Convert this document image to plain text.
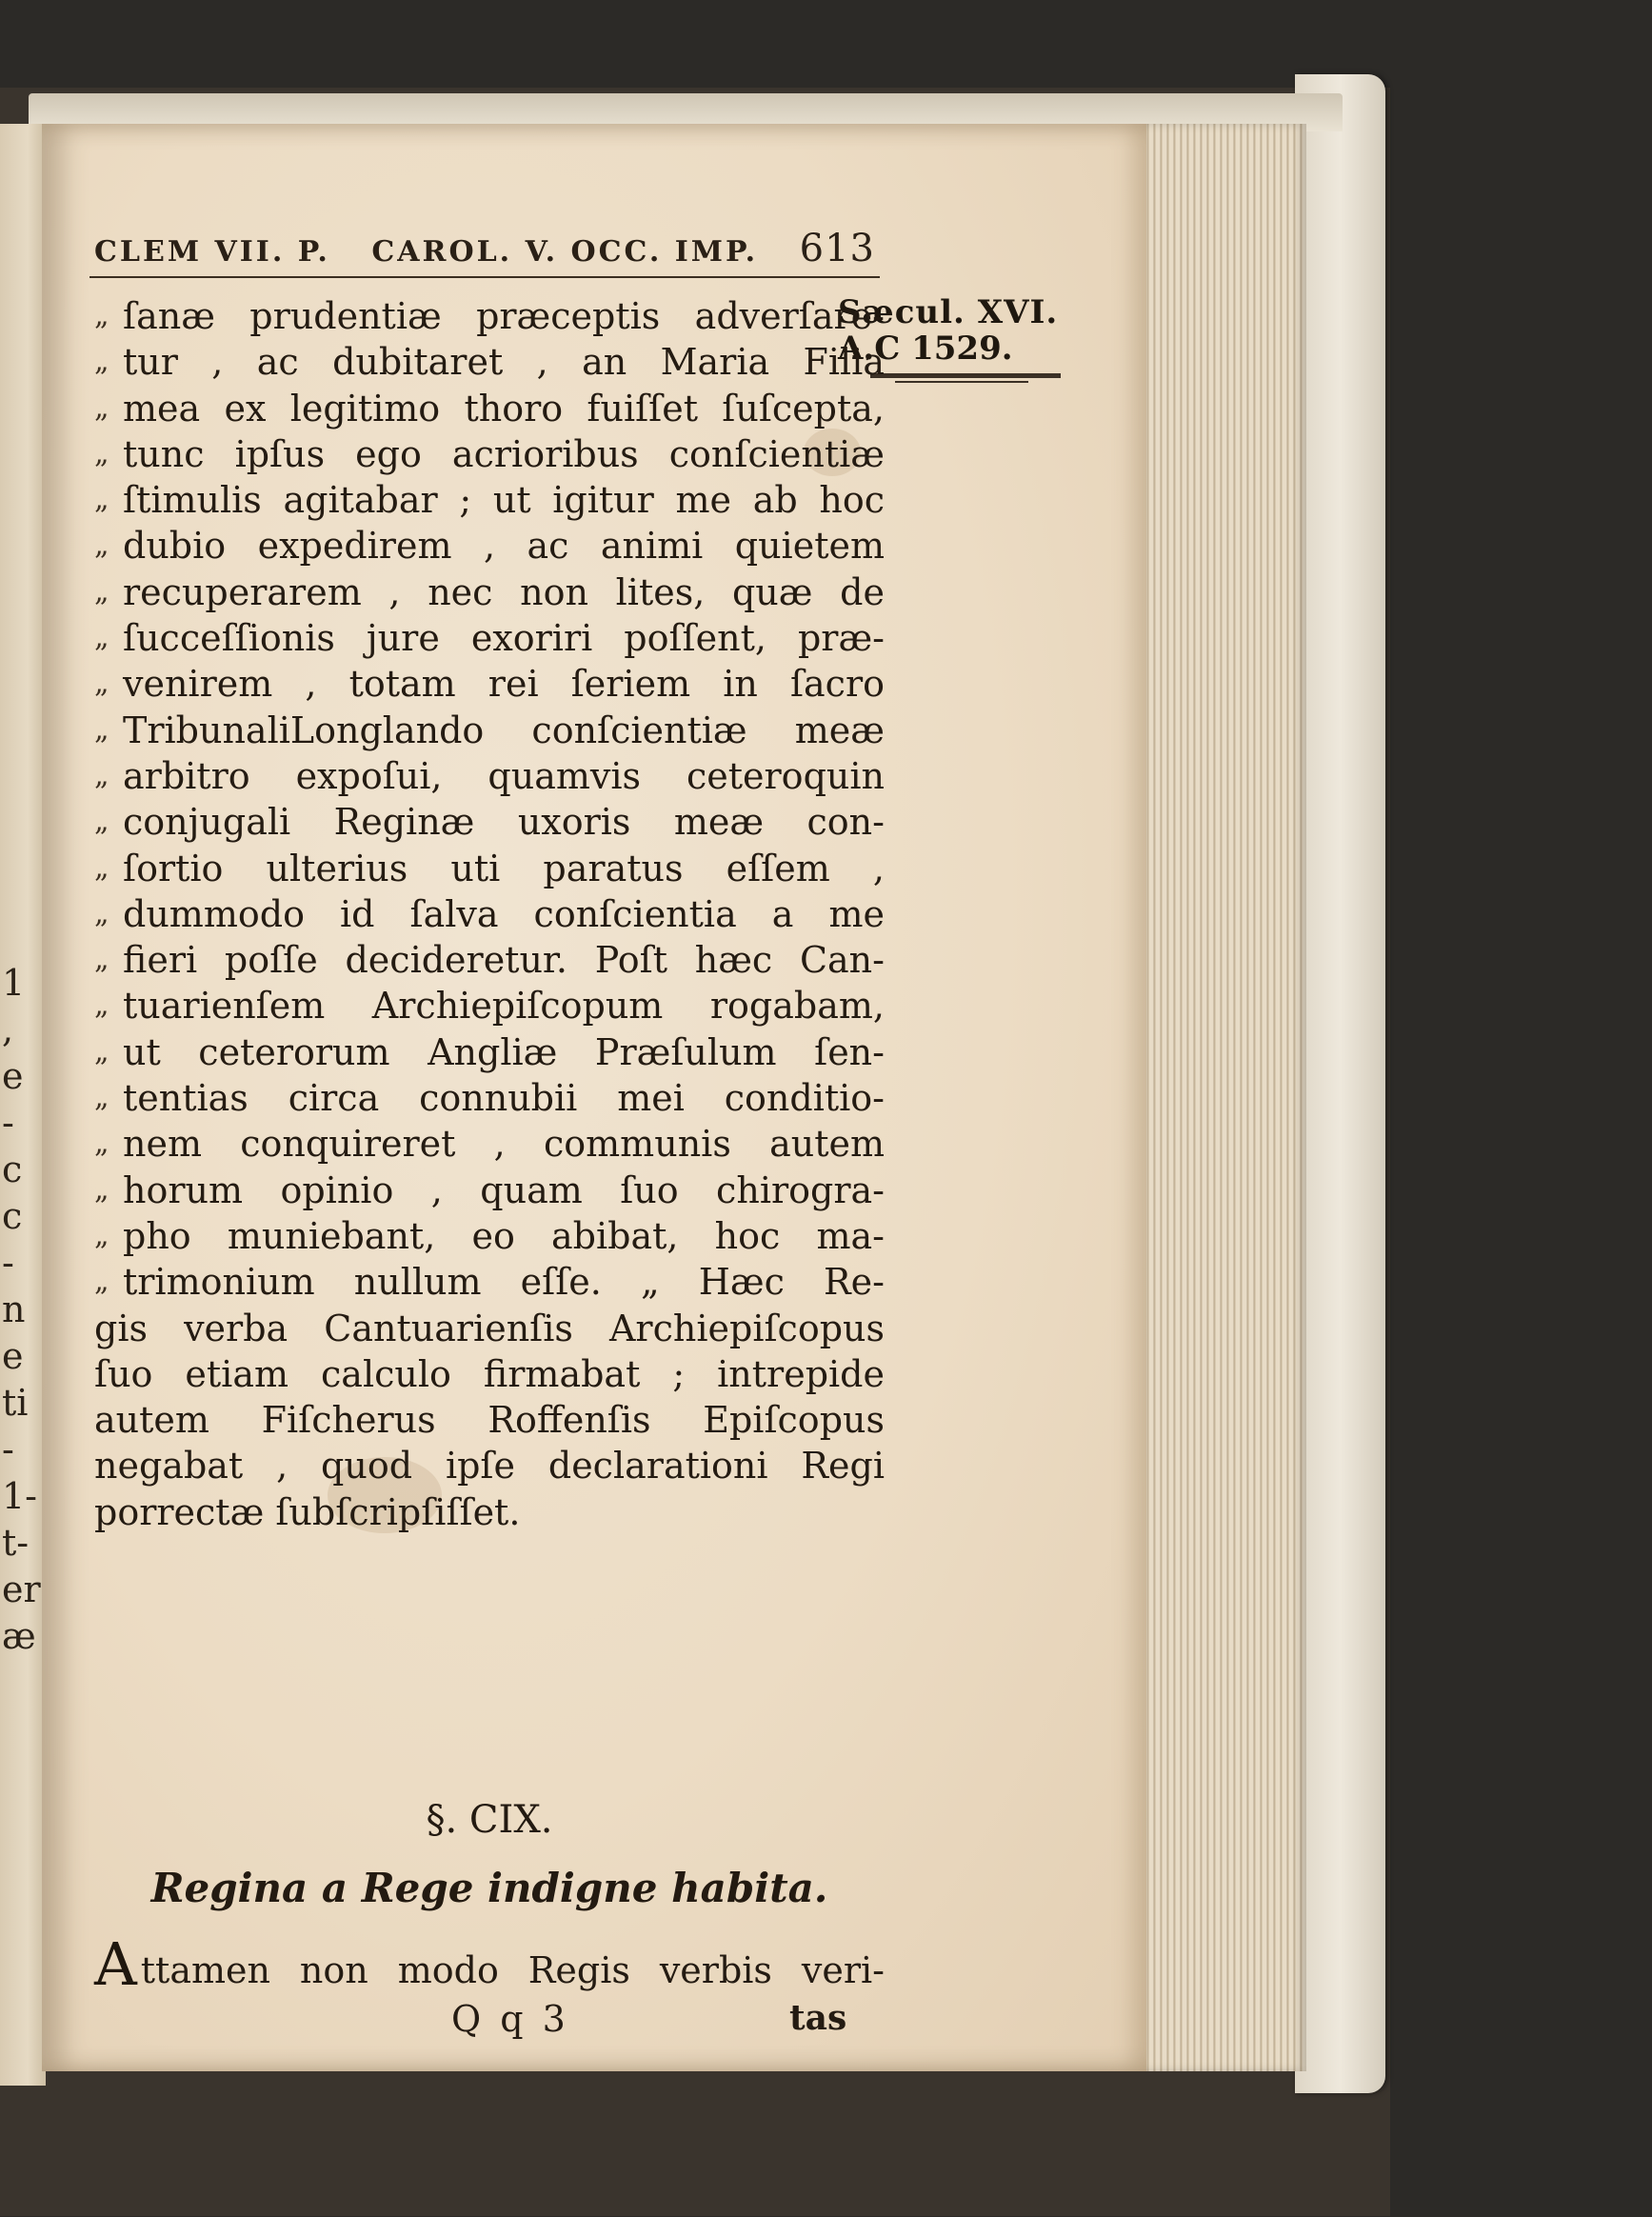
1
,
e
-
c
c
-
n
e
ti
-
1-
t-
er
æ
CLEM VII. P. CAROL. V. OCC. IMP. 613
Sæcul. XVI.
A.C 1529.
„ ſanæ prudentiæ præceptis adverſare-
„ tur , ac dubitaret , an Maria Filia
„ mea ex legitimo thoro fuiſſet ſuſcepta,
„ tunc ipſus ego acrioribus conſcientiæ
„ ſtimulis agitabar ; ut igitur me ab hoc
„ dubio expedirem , ac animi quietem
„ recuperarem , nec non lites, quæ de
„ ſucceſſionis jure exoriri poſſent, præ-
„ venirem , totam rei ſeriem in ſacro
„ TribunaliLonglando conſcientiæ meæ
„ arbitro expoſui, quamvis ceteroquin
„ conjugali Reginæ uxoris meæ con-
„ ſortio ulterius uti paratus eſſem ,
„ dummodo id ſalva conſcientia a me
„ fieri poſſe decideretur. Poſt hæc Can-
„ tuarienſem Archiepiſcopum rogabam,
„ ut ceterorum Angliæ Præſulum ſen-
„ tentias circa connubii mei conditio-
„ nem conquireret , communis autem
„ horum opinio , quam ſuo chirogra-
„ pho muniebant, eo abibat, hoc ma-
„ trimonium nullum eſſe. „ Hæc Re-
gis verba Cantuarienſis Archiepiſcopus
ſuo etiam calculo firmabat ; intrepide
autem Fiſcherus Roffenſis Epiſcopus
negabat , quod ipſe declarationi Regi
porrectæ ſubſcripſiſſet.
§. CIX.
Regina a Rege indigne habita.
A ttamen non modo Regis verbis veri-
Q q 3	tas
